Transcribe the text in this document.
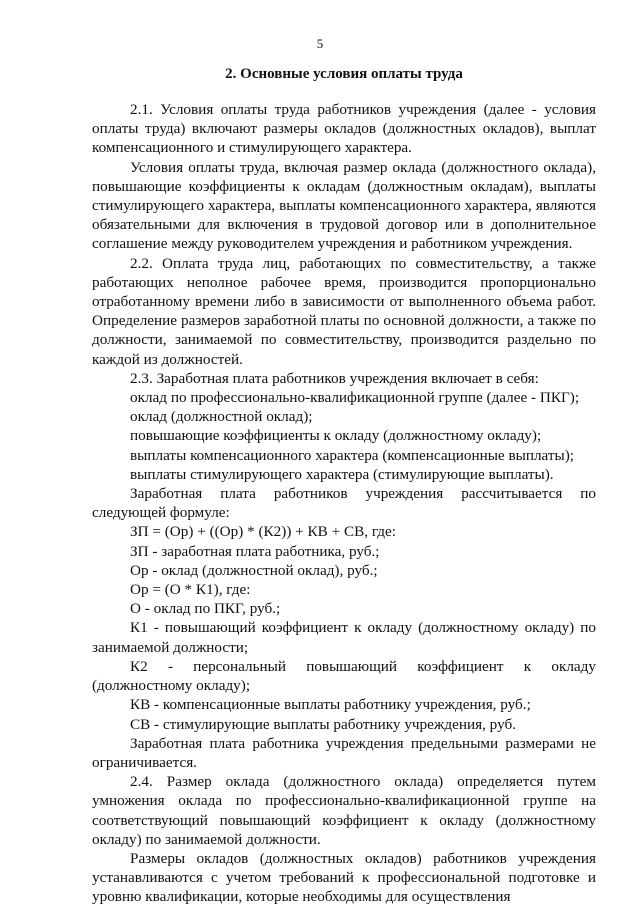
5
2. Основные условия оплаты труда

2.1. Условия оплаты труда работников учреждения (далее - условия оплаты труда) включают размеры окладов (должностных окладов), выплат компенсационного и стимулирующего характера.

Условия оплаты труда, включая размер оклада (должностного оклада), повышающие коэффициенты к окладам (должностным окладам), выплаты стимулирующего характера, выплаты компенсационного характера, являются обязательными для включения в трудовой договор или в дополнительное соглашение между руководителем учреждения и работником учреждения.

2.2. Оплата труда лиц, работающих по совместительству, а также работающих неполное рабочее время, производится пропорционально отработанному времени либо в зависимости от выполненного объема работ. Определение размеров заработной платы по основной должности, а также по должности, занимаемой по совместительству, производится раздельно по каждой из должностей.

2.3. Заработная плата работников учреждения включает в себя:

оклад по профессионально-квалификационной группе (далее - ПКГ);

оклад (должностной оклад);

повышающие коэффициенты к окладу (должностному окладу);

выплаты компенсационного характера (компенсационные выплаты);

выплаты стимулирующего характера (стимулирующие выплаты).

Заработная плата работников учреждения рассчитывается по следующей формуле:

ЗП = (Ор) + ((Ор) * (К2)) + КВ + СВ, где:

ЗП - заработная плата работника, руб.;

Ор - оклад (должностной оклад), руб.;

Ор = (О * К1), где:

О - оклад по ПКГ, руб.;

К1 - повышающий коэффициент к окладу (должностному окладу) по занимаемой должности;

К2 - персональный повышающий коэффициент к окладу (должностному окладу);

КВ - компенсационные выплаты работнику учреждения, руб.;

СВ - стимулирующие выплаты работнику учреждения, руб.

Заработная плата работника учреждения предельными размерами не ограничивается.

2.4. Размер оклада (должностного оклада) определяется путем умножения оклада по профессионально-квалификационной группе на соответствующий повышающий коэффициент к окладу (должностному окладу) по занимаемой должности.

Размеры окладов (должностных окладов) работников учреждения устанавливаются с учетом требований к профессиональной подготовке и уровню квалификации, которые необходимы для осуществления
